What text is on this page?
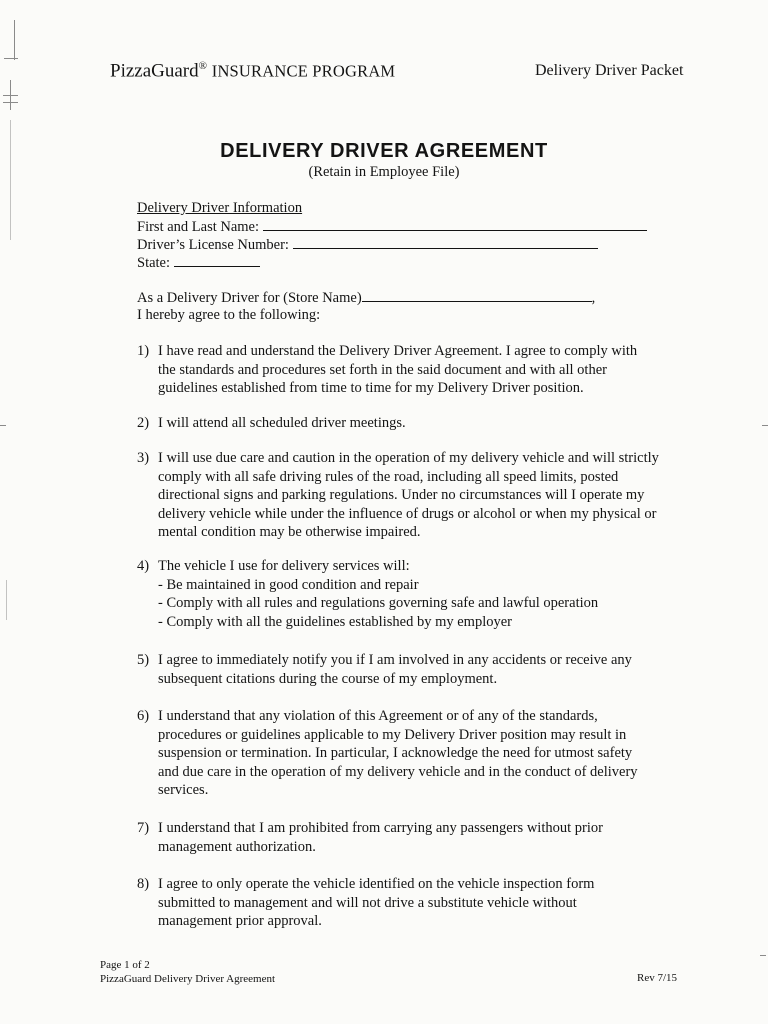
PizzaGuard® INSURANCE PROGRAM	Delivery Driver Packet
DELIVERY DRIVER AGREEMENT
(Retain in Employee File)
Delivery Driver Information
First and Last Name:
Driver’s License Number:
State:
As a Delivery Driver for (Store Name)	,
I hereby agree to the following:
1) I have read and understand the Delivery Driver Agreement. I agree to comply with

the standards and procedures set forth in the said document and with all other

guidelines established from time to time for my Delivery Driver position.

2) I will attend all scheduled driver meetings.

3) I will use due care and caution in the operation of my delivery vehicle and will strictly

comply with all safe driving rules of the road, including all speed limits, posted

directional signs and parking regulations. Under no circumstances will I operate my

delivery vehicle while under the influence of drugs or alcohol or when my physical or

mental condition may be otherwise impaired.

4) The vehicle I use for delivery services will:

- Be maintained in good condition and repair

- Comply with all rules and regulations governing safe and lawful operation

- Comply with all the guidelines established by my employer

5) I agree to immediately notify you if I am involved in any accidents or receive any

subsequent citations during the course of my employment.

6) I understand that any violation of this Agreement or of any of the standards,

procedures or guidelines applicable to my Delivery Driver position may result in

suspension or termination. In particular, I acknowledge the need for utmost safety

and due care in the operation of my delivery vehicle and in the conduct of delivery

services.

7) I understand that I am prohibited from carrying any passengers without prior

management authorization.

8) I agree to only operate the vehicle identified on the vehicle inspection form

submitted to management and will not drive a substitute vehicle without

management prior approval.

Page 1 of 2
PizzaGuard Delivery Driver Agreement	Rev 7/15
